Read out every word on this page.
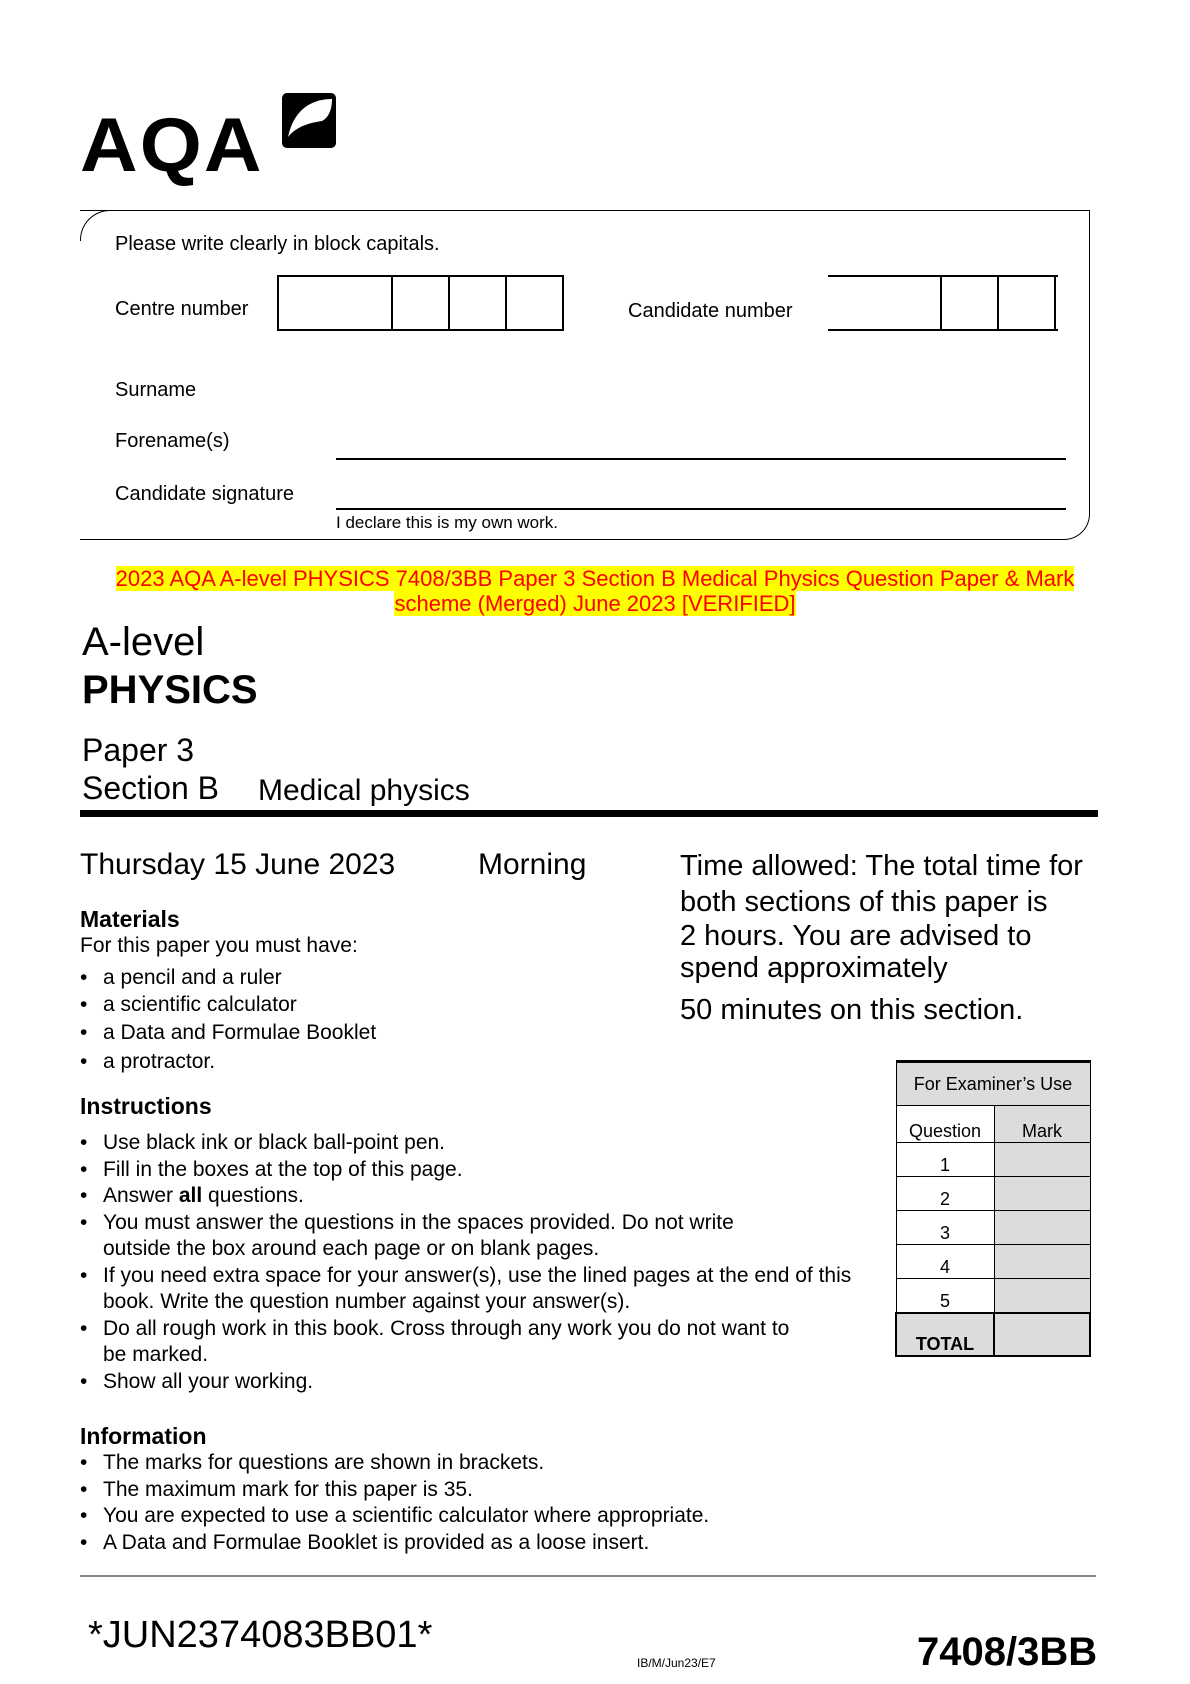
AQA
Please write clearly in block capitals.
Centre number	Candidate number
Surname
Forename(s)
Candidate signature
I declare this is my own work.
2023 AQA A-level PHYSICS 7408/3BB Paper 3 Section B Medical Physics Question Paper & Mark
scheme (Merged) June 2023 [VERIFIED]
A-level
PHYSICS
Paper 3
Section B Medical physics
Thursday 15 June 2023	Morning	Time allowed: The total time for
both sections of this paper is
2 hours. You are advised to
spend approximately
50 minutes on this section.
Materials
For this paper you must have:
• a pencil and a ruler
• a scientific calculator
• a Data and Formulae Booklet
• a protractor.
Instructions
• Use black ink or black ball-point pen.
• Fill in the boxes at the top of this page.
• Answer all questions.
• You must answer the questions in the spaces provided. Do not write outside the box around each page or on blank pages.
• If you need extra space for your answer(s), use the lined pages at the end of this book. Write the question number against your answer(s).
• Do all rough work in this book. Cross through any work you do not want to be marked.
• Show all your working.
Information
• The marks for questions are shown in brackets.
• The maximum mark for this paper is 35.
• You are expected to use a scientific calculator where appropriate.
• A Data and Formulae Booklet is provided as a loose insert.
For Examiner’s Use	
Question	Mark
1	
2	
3	
4	
5	
TOTAL	
*JUN2374083BB01*
IB/M/Jun23/E7	7408/3BB
